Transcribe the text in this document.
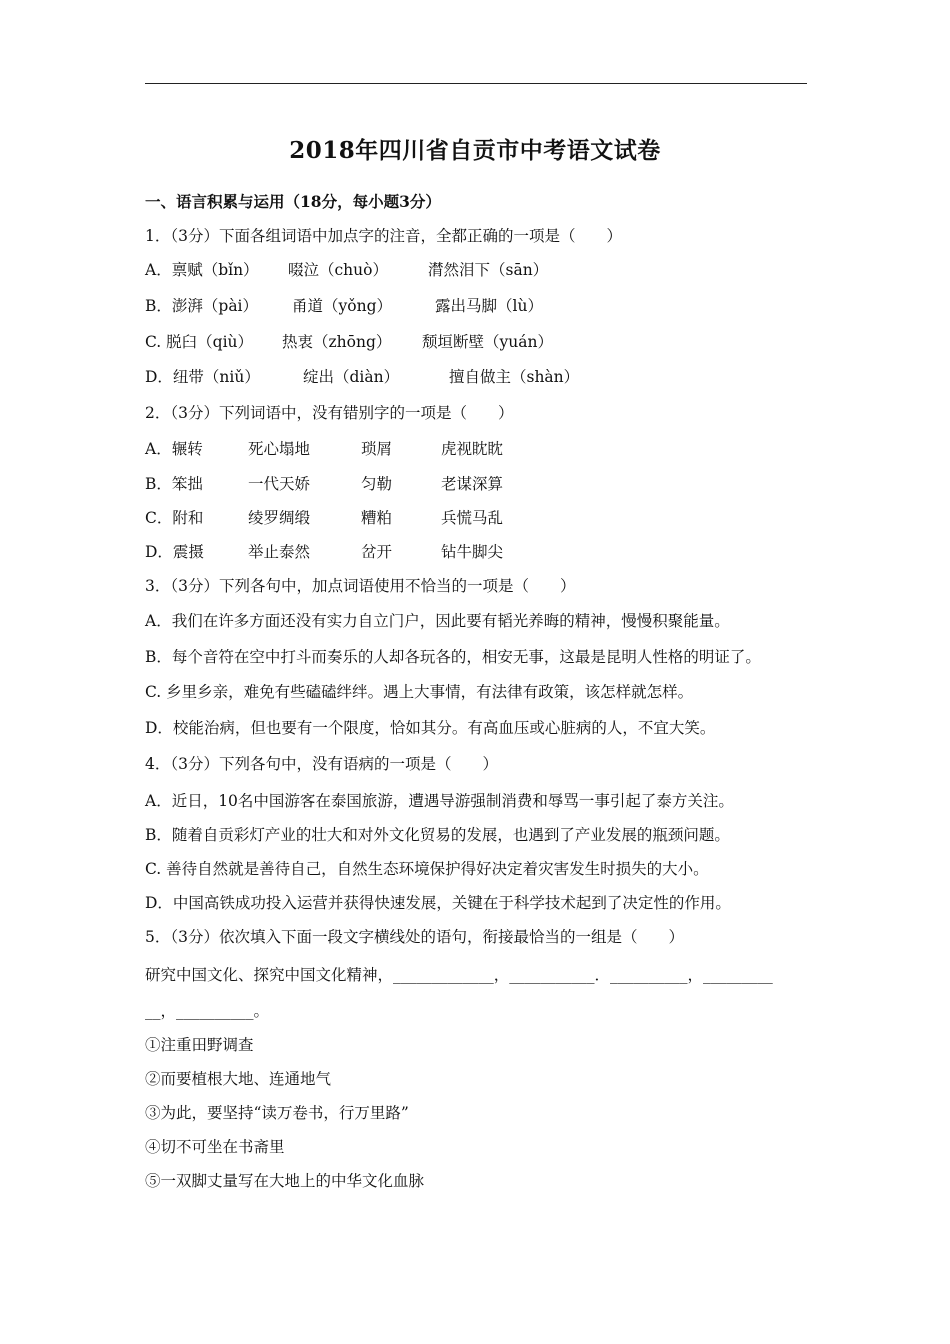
2018年四川省自贡市中考语文试卷
一、语言积累与运用（18分，每小题3分）
1．（3分）下面各组词语中加点字的注音，全都正确的一项是（　　）
A．禀赋（bǐn） 啜泣（chuò）	潸然泪下（sān）
B．澎湃（pài） 甬道（yǒng）	露出马脚（lù）
C. 脱臼（qiù） 热衷（zhōng） 颓垣断壁（yuán）
D．纽带（niǔ）	绽出（diàn）	擅自做主（shàn）
2．（3分）下列词语中，没有错别字的一项是（　　）
A．辗转	死心塌地	琐屑	虎视眈眈
B．笨拙	一代天娇	匀勒	老谋深算
C．附和	绫罗绸缎	糟粕	兵慌马乱
D．震摄	举止泰然	岔开	钻牛脚尖
3．（3分）下列各句中，加点词语使用不恰当的一项是（　　）
A．我们在许多方面还没有实力自立门户，因此要有韬光养晦的精神，慢慢积聚能量。
B．每个音符在空中打斗而奏乐的人却各玩各的，相安无事，这最是昆明人性格的明证了。
C. 乡里乡亲，难免有些磕磕绊绊。遇上大事情，有法律有政策，该怎样就怎样。
D．校能治病，但也要有一个限度，恰如其分。有高血压或心脏病的人，不宜大笑。
4．（3分）下列各句中，没有语病的一项是（　　）
A．近日，10名中国游客在泰国旅游，遭遇导游强制消费和辱骂一事引起了泰方关注。
B．随着自贡彩灯产业的壮大和对外文化贸易的发展，也遇到了产业发展的瓶颈问题。
C. 善待自然就是善待自己，自然生态环境保护得好决定着灾害发生时损失的大小。
D．中国高铁成功投入运营并获得快速发展，关键在于科学技术起到了决定性的作用。
5．（3分）依次填入下面一段文字横线处的语句，衔接最恰当的一组是（　　）
研究中国文化、探究中国文化精神，_____________，___________．__________，_________
__，__________。
①注重田野调查
②而要植根大地、连通地气
③为此，要坚持“读万卷书，行万里路”
④切不可坐在书斋里
⑤一双脚丈量写在大地上的中华文化血脉
